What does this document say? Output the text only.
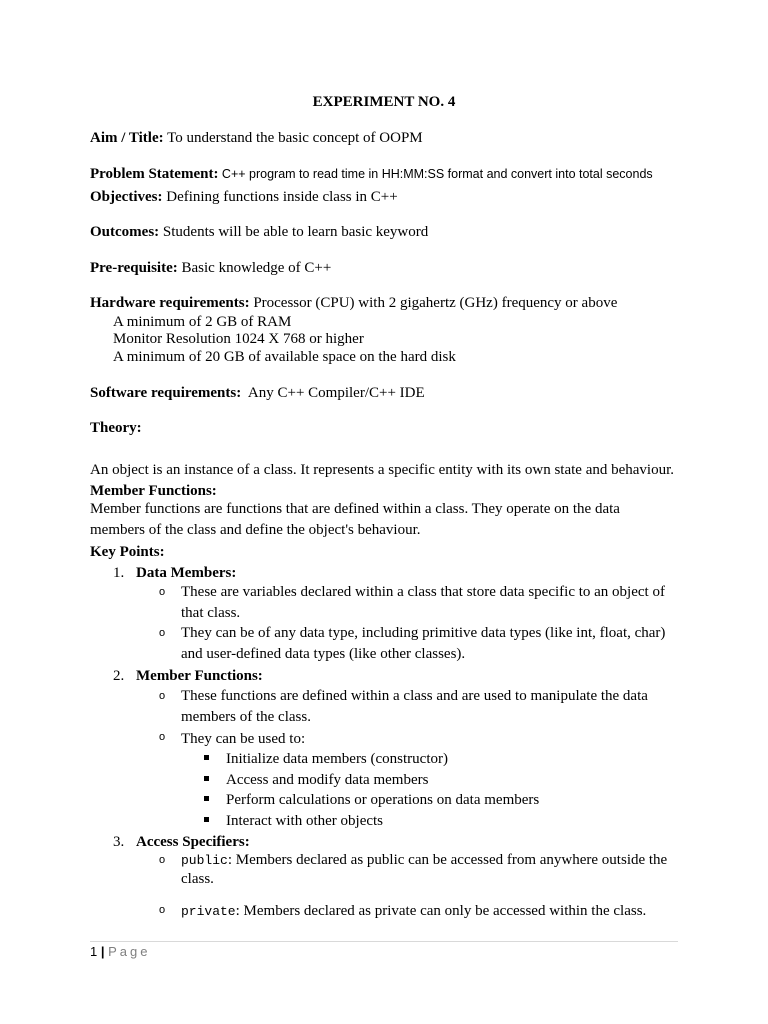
EXPERIMENT NO. 4
Aim / Title: To understand the basic concept of OOPM
Problem Statement: C++ program to read time in HH:MM:SS format and convert into total seconds
Objectives: Defining functions inside class in C++
Outcomes: Students will be able to learn basic keyword
Pre-requisite: Basic knowledge of C++
Hardware requirements: Processor (CPU) with 2 gigahertz (GHz) frequency or above
A minimum of 2 GB of RAM
Monitor Resolution 1024 X 768 or higher
A minimum of 20 GB of available space on the hard disk
Software requirements:  Any C++ Compiler/C++ IDE
Theory:
An object is an instance of a class. It represents a specific entity with its own state and behaviour.
Member Functions:
Member functions are functions that are defined within a class. They operate on the data members of the class and define the object's behaviour.
Key Points:
1. Data Members:
o These are variables declared within a class that store data specific to an object of that class.
o They can be of any data type, including primitive data types (like int, float, char) and user-defined data types (like other classes).
2. Member Functions:
o These functions are defined within a class and are used to manipulate the data members of the class.
o They can be used to:
Initialize data members (constructor)
Access and modify data members
Perform calculations or operations on data members
Interact with other objects
3. Access Specifiers:
o public: Members declared as public can be accessed from anywhere outside the class.
o private: Members declared as private can only be accessed within the class.
1 | Page
